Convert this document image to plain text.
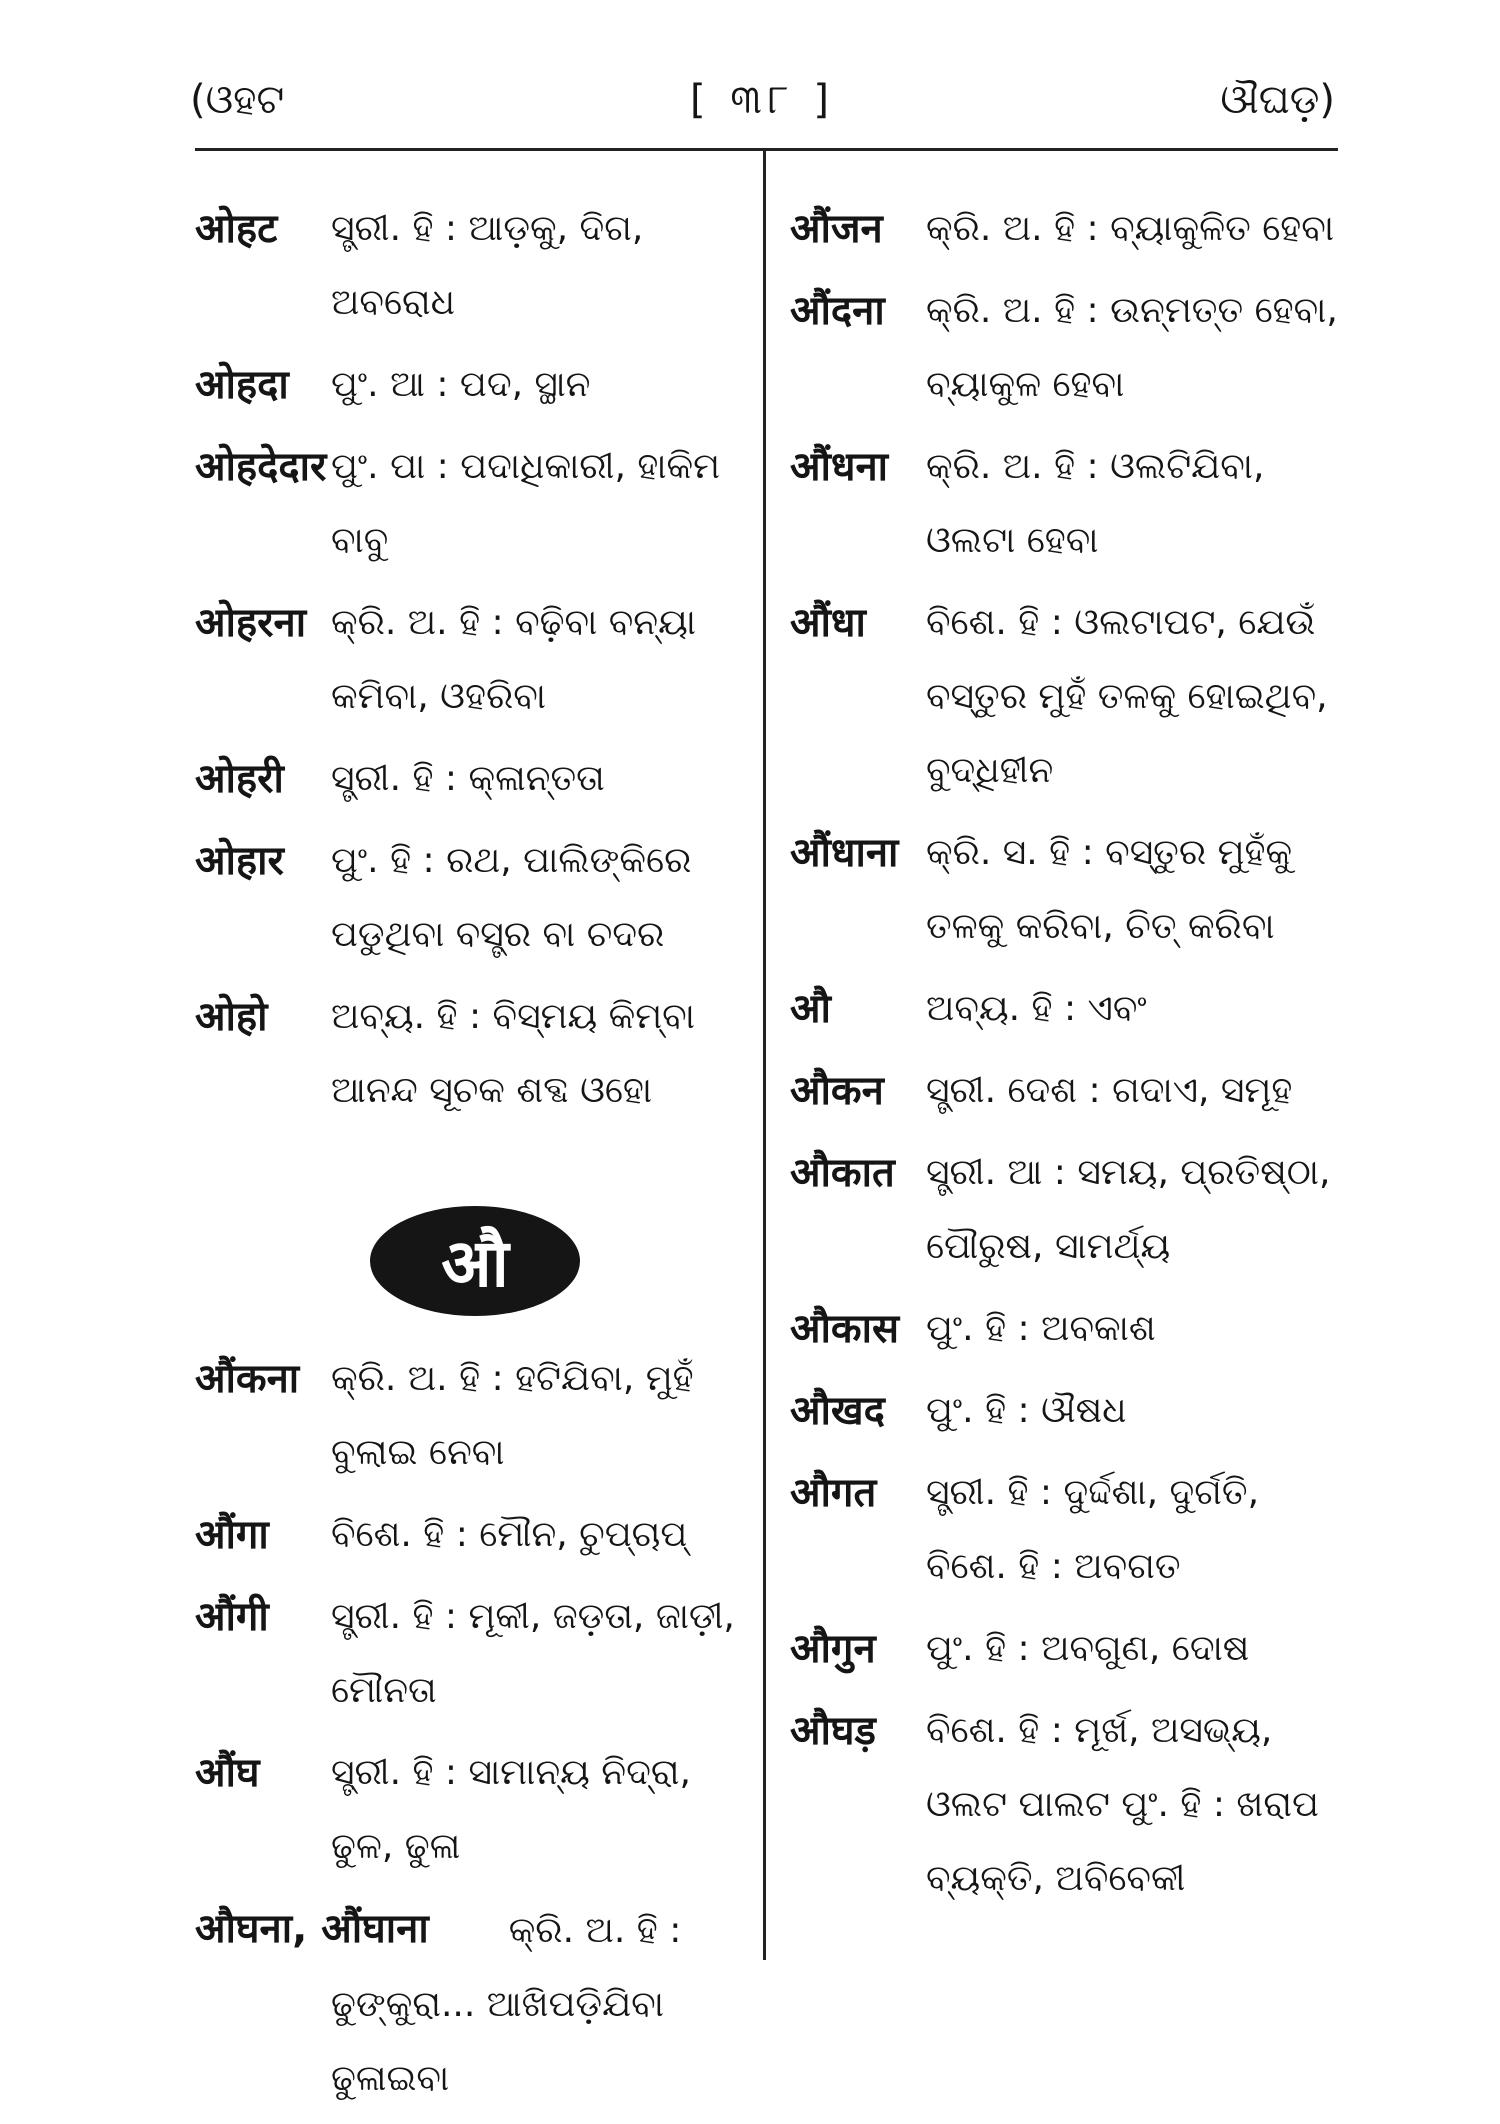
(ଓହଟ	[ ୩୮ ]	ଔଘଡ଼)
ओहट ସ୍ତ୍ରୀ. ହି : ଆଡ଼କୁ, ଦିଗ, ଅବରୋଧ
ओहदा ପୁଂ. ଆ : ପଦ, ସ୍ଥାନ
ओहदेदार ପୁଂ. ପା : ପଦାଧିକାରୀ, ହାକିମ ବାବୁ
ओहरना କ୍ରି. ଅ. ହି : ବଢ଼ିବା ବନ୍ୟା କମିବା, ଓହରିବା
ओहरी ସ୍ତ୍ରୀ. ହି : କ୍ଳାନ୍ତତା
ओहार ପୁଂ. ହି : ରଥ, ପାଲିଙ୍କିରେ ପଡୁଥିବା ବସ୍ତ୍ର ବା ଚଦର
ओहो ଅବ୍ୟ. ହି : ବିସ୍ମୟ କିମ୍ବା ଆନନ୍ଦ ସୂଚକ ଶବ୍ଦ ଓହୋ
औ
औंकना କ୍ରି. ଅ. ହି : ହଟିଯିବା, ମୁହଁ ବୁଲାଇ ନେବା
औंगा ବିଶେ. ହି : ମୌନ, ଚୁପ୍‌ଚାପ୍
औंगी ସ୍ତ୍ରୀ. ହି : ମୂକୀ, ଜଡ଼ତା, ଜାଡ଼ୀ, ମୌନତା
औंघ ସ୍ତ୍ରୀ. ହି : ସାମାନ୍ୟ ନିଦ୍ରା, ଢୁଳ, ଢୁଳା
औघना, औंघाना କ୍ରି. ଅ. ହି :
ଢୁଙ୍କୁରା... ଆଖିପଡ଼ିଯିବା ଢୁଳାଇବା
औंजन କ୍ରି. ଅ. ହି : ବ୍ୟାକୁଳିତ ହେବା
औंदना କ୍ରି. ଅ. ହି : ଉନ୍ମତ୍ତ ହେବା, ବ୍ୟାକୁଳ ହେବା
औंधना କ୍ରି. ଅ. ହି : ଓଲଟିଯିବା, ଓଲଟା ହେବା
औंधा ବିଶେ. ହି : ଓଲଟାପଟ, ଯେଉଁ ବସ୍ତୁର ମୁହଁ ତଳକୁ ହୋଇଥିବ, ବୁଦ୍ଧିହୀନ
औंधाना କ୍ରି. ସ. ହି : ବସ୍ତୁର ମୁହଁକୁ ତଳକୁ କରିବା, ଚିତ୍ କରିବା
औ	ଅବ୍ୟ. ହି : ଏବଂ
औकन ସ୍ତ୍ରୀ. ଦେଶ : ଗଦାଏ, ସମୂହ
औकात ସ୍ତ୍ରୀ. ଆ : ସମୟ, ପ୍ରତିଷ୍ଠା, ପୌରୁଷ, ସାମର୍ଥ୍ୟ
औकास ପୁଂ. ହି : ଅବକାଶ
औखद ପୁଂ. ହି : ଔଷଧ
औगत ସ୍ତ୍ରୀ. ହି : ଦୁର୍ଦ୍ଦଶା, ଦୁର୍ଗତି, ବିଶେ. ହି : ଅବଗତ
औगुन ପୁଂ. ହି : ଅବଗୁଣ, ଦୋଷ
औघड़ ବିଶେ. ହି : ମୂର୍ଖ, ଅସଭ୍ୟ, ଓଲଟ ପାଲଟ ପୁଂ. ହି : ଖରାପ ବ୍ୟକ୍ତି, ଅବିବେକୀ
